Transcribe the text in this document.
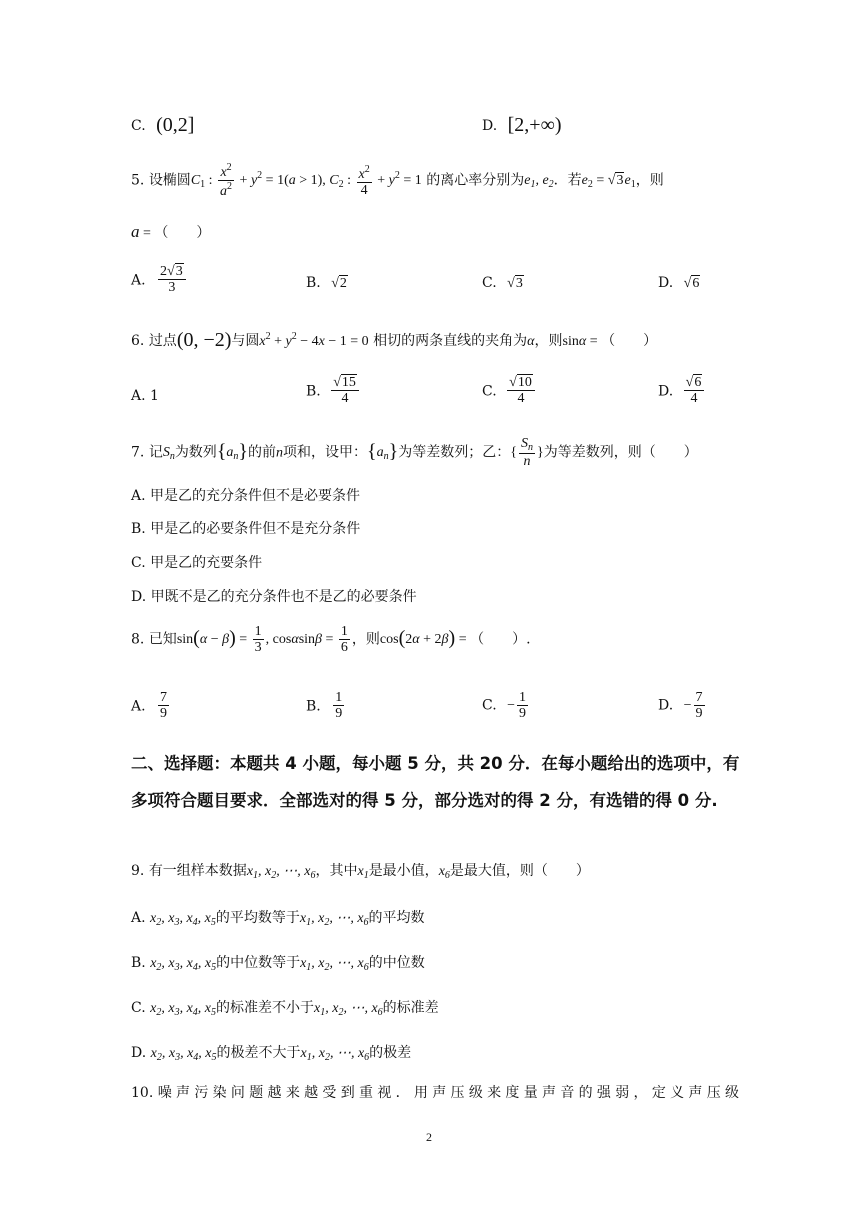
C. (0,2]	D. [2,+∞)
5. 设椭圆$C_1$ : $\frac{x^2}{a^2} + y^2 = 1(a > 1)$, $C_2$ : $\frac{x^2}{4} + y^2 = 1$ 的离心率分别为$e_1$, $e_2$．若$e_2 = √3e_1$，则
a = （　　）
A. $\frac{2√3}{3}$	B. √2	C. √3	D. √6
6. 过点(0, −2)与圆$x^2 + y^2 - 4x - 1 = 0$ 相切的两条直线的夹角为α，则sinα = （　　）
A. 1	B. $\frac{√15}{4}$	C. $\frac{√10}{4}$	D. $\frac{√6}{4}$
7. 记$S_n$为数列$\{a_n\}$的前n项和，设甲：$\{a_n\}$为等差数列；乙：{ $\frac{S_n}{n}$ }为等差数列，则（　　）
A. 甲是乙的充分条件但不是必要条件
B. 甲是乙的必要条件但不是充分条件
C. 甲是乙的充要条件
D. 甲既不是乙的充分条件也不是乙的必要条件
8. 已知$\sin(\alpha - \beta) = \frac{1}{3}$ , $\cos\alpha\sin\beta = \frac{1}{6}$ ，则cos(2α + 2β) = （　　）.
A. $\frac{7}{9}$	B. $\frac{1}{9}$	C. − $\frac{1}{9}$	D. − $\frac{7}{9}$
二、选择题：本题共 4 小题，每小题 5 分，共 20 分．在每小题给出的选项中，有多项符合题目要求．全部选对的得 5 分，部分选对的得 2 分，有选错的得 0 分.
9. 有一组样本数据$x_1$, $x_2$, ⋯, $x_6$，其中$x_1$是最小值，$x_6$是最大值，则（　　）
A. $x_2$, $x_3$, $x_4$, $x_5$的平均数等于$x_1$, $x_2$, ⋯, $x_6$的平均数
B. $x_2$, $x_3$, $x_4$, $x_5$的中位数等于$x_1$, $x_2$, ⋯, $x_6$的中位数
C. $x_2$, $x_3$, $x_4$, $x_5$的标准差不小于$x_1$, $x_2$, ⋯, $x_6$的标准差
D. $x_2$, $x_3$, $x_4$, $x_5$的极差不大于$x_1$, $x_2$, ⋯, $x_6$的极差
10. 噪声污染问题越来越受到重视．用声压级来度量声音的强弱，定义声压级
2
